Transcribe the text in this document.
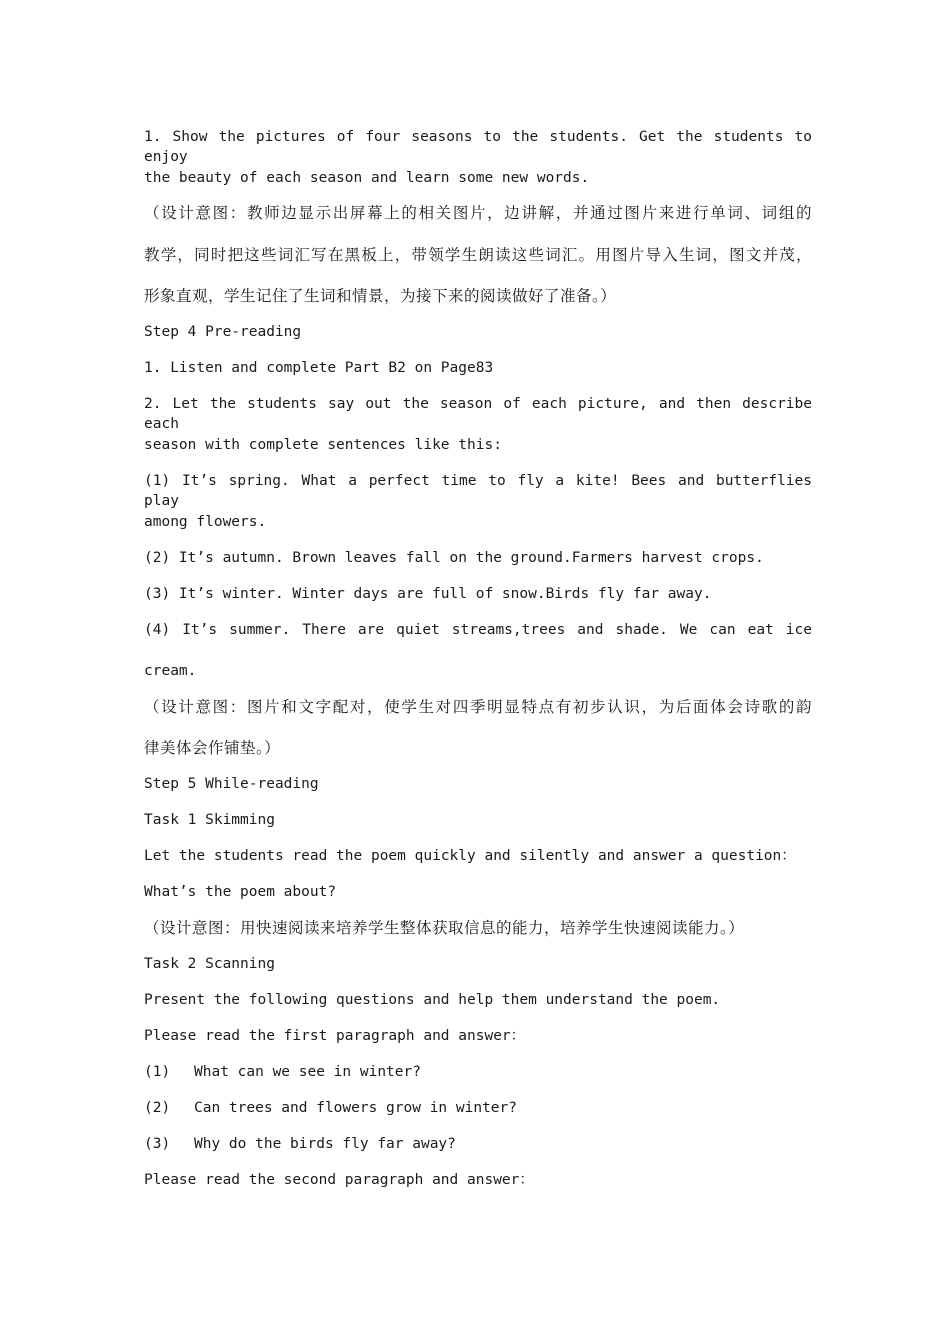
1. Show the pictures of four seasons to the students. Get the students to enjoy
the beauty of each season and learn some new words.
（设计意图：教师边显示出屏幕上的相关图片，边讲解，并通过图片来进行单词、词组的
教学，同时把这些词汇写在黑板上，带领学生朗读这些词汇。用图片导入生词，图文并茂，
形象直观，学生记住了生词和情景，为接下来的阅读做好了准备。）
Step 4 Pre-reading
1. Listen and complete Part B2 on Page83
2. Let the students say out the season of each picture, and then describe each
season with complete sentences like this:
(1) It’s spring. What a perfect time to fly a kite! Bees and butterflies play
among flowers.
(2) It’s autumn. Brown leaves fall on the ground.Farmers harvest crops.
(3) It’s winter. Winter days are full of snow.Birds fly far away.
(4) It’s summer. There are quiet streams,trees and shade. We can eat ice
cream.
（设计意图：图片和文字配对，使学生对四季明显特点有初步认识，为后面体会诗歌的韵
律美体会作铺垫。）
Step 5 While-reading
Task 1 Skimming
Let the students read the poem quickly and silently and answer a question：
What’s the poem about?
（设计意图：用快速阅读来培养学生整体获取信息的能力，培养学生快速阅读能力。）
Task 2 Scanning
Present the following questions and help them understand the poem.
Please read the first paragraph and answer：
(1) What can we see in winter?
(2) Can trees and flowers grow in winter?
(3) Why do the birds fly far away?
Please read the second paragraph and answer：
